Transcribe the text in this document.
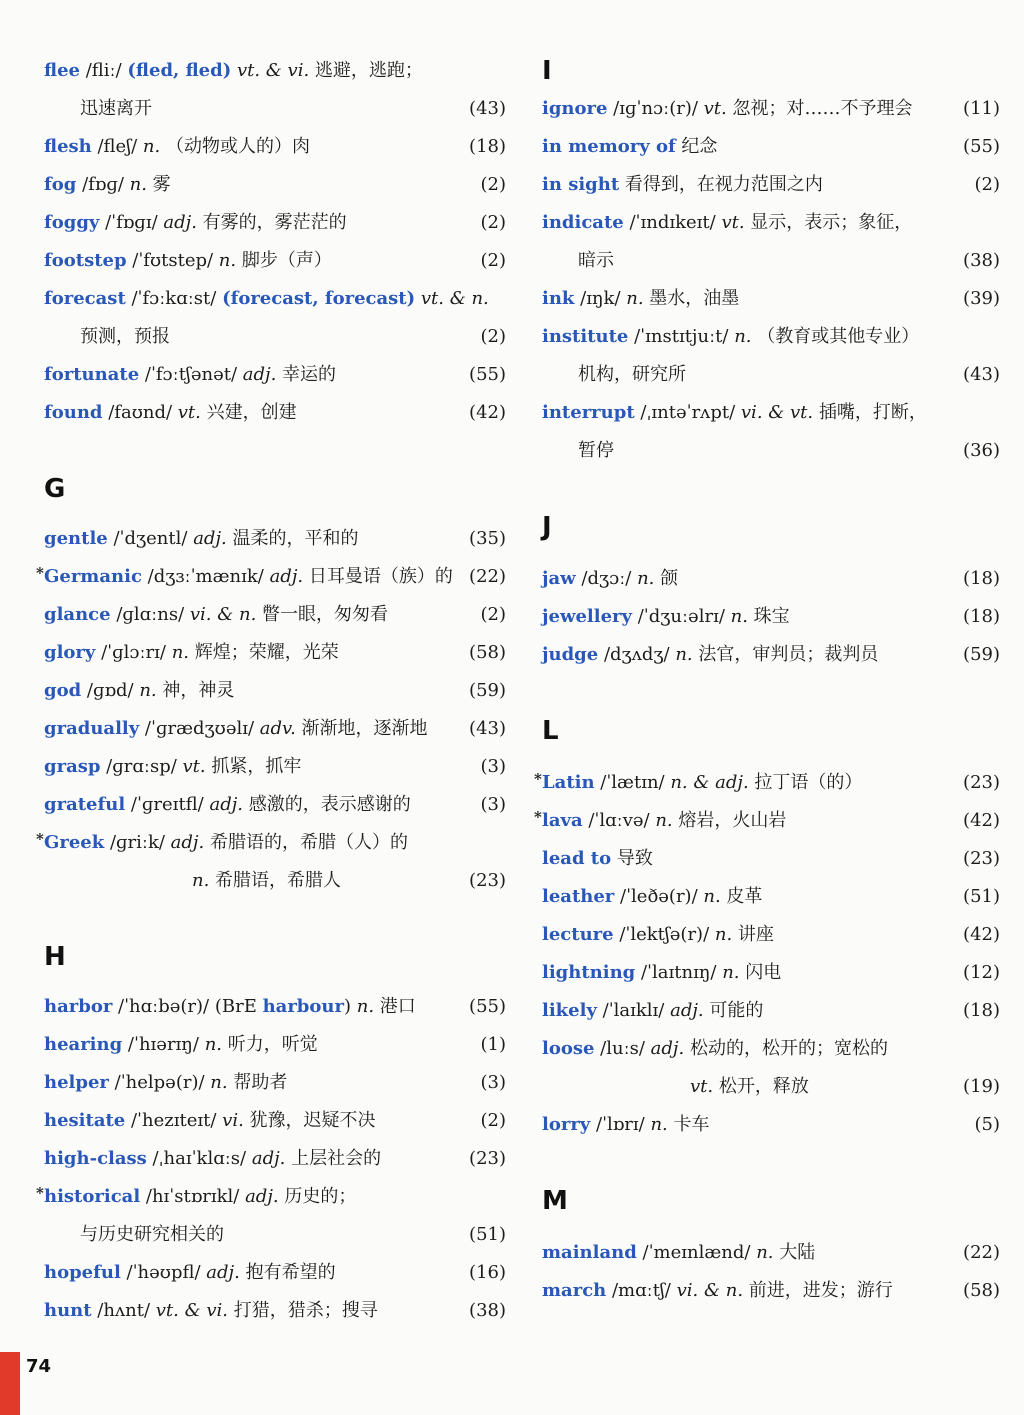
flee /fliː/ (fled, fled) vt. & vi. 逃避，逃跑；
迅速离开	(43)
flesh /fleʃ/ n. （动物或人的）肉	(18)
fog /fɒɡ/ n. 雾	(2)
foggy /ˈfɒɡɪ/ adj. 有雾的，雾茫茫的	(2)
footstep /ˈfʊtstep/ n. 脚步（声）	(2)
forecast /ˈfɔːkɑːst/ (forecast, forecast) vt. & n.
预测，预报	(2)
fortunate /ˈfɔːtʃənət/ adj. 幸运的	(55)
found /faʊnd/ vt. 兴建，创建	(42)
G
gentle /ˈdʒentl/ adj. 温柔的，平和的	(35)
* Germanic /dʒɜːˈmænɪk/ adj. 日耳曼语（族）的 (22)
glance /ɡlɑːns/ vi. & n. 瞥一眼，匆匆看	(2)
glory /ˈɡlɔːrɪ/ n. 辉煌；荣耀，光荣	(58)
god /ɡɒd/ n. 神，神灵	(59)
gradually /ˈɡrædʒʊəlɪ/ adv. 渐渐地，逐渐地 (43)
grasp /ɡrɑːsp/ vt. 抓紧，抓牢	(3)
grateful /ˈɡreɪtfl/ adj. 感激的，表示感谢的	(3)
* Greek /ɡriːk/ adj. 希腊语的，希腊（人）的
n. 希腊语，希腊人	(23)
H
harbor /ˈhɑːbə(r)/ (BrE harbour) n. 港口	(55)
hearing /ˈhɪərɪŋ/ n. 听力，听觉	(1)
helper /ˈhelpə(r)/ n. 帮助者	(3)
hesitate /ˈhezɪteɪt/ vi. 犹豫，迟疑不决	(2)
high-class /ˌhaɪˈklɑːs/ adj. 上层社会的	(23)
* historical /hɪˈstɒrɪkl/ adj. 历史的；
与历史研究相关的	(51)
hopeful /ˈhəʊpfl/ adj. 抱有希望的	(16)
hunt /hʌnt/ vt. & vi. 打猎，猎杀；搜寻	(38)
I
ignore /ɪɡˈnɔː(r)/ vt. 忽视；对……不予理会	(11)
in memory of 纪念	(55)
in sight 看得到，在视力范围之内	(2)
indicate /ˈɪndɪkeɪt/ vt. 显示，表示；象征，
暗示	(38)
ink /ɪŋk/ n. 墨水，油墨	(39)
institute /ˈɪnstɪtjuːt/ n. （教育或其他专业）
机构，研究所	(43)
interrupt /ˌɪntəˈrʌpt/ vi. & vt. 插嘴，打断，
暂停	(36)
J
jaw /dʒɔː/ n. 颌	(18)
jewellery /ˈdʒuːəlrɪ/ n. 珠宝	(18)
judge /dʒʌdʒ/ n. 法官，审判员；裁判员	(59)
L
* Latin /ˈlætɪn/ n. & adj. 拉丁语（的）	(23)
* lava /ˈlɑːvə/ n. 熔岩，火山岩	(42)
lead to 导致	(23)
leather /ˈleðə(r)/ n. 皮革	(51)
lecture /ˈlektʃə(r)/ n. 讲座	(42)
lightning /ˈlaɪtnɪŋ/ n. 闪电	(12)
likely /ˈlaɪklɪ/ adj. 可能的	(18)
loose /luːs/ adj. 松动的，松开的；宽松的
vt. 松开，释放	(19)
lorry /ˈlɒrɪ/ n. 卡车	(5)
M
mainland /ˈmeɪnlænd/ n. 大陆	(22)
march /mɑːtʃ/ vi. & n. 前进，进发；游行	(58)
74
